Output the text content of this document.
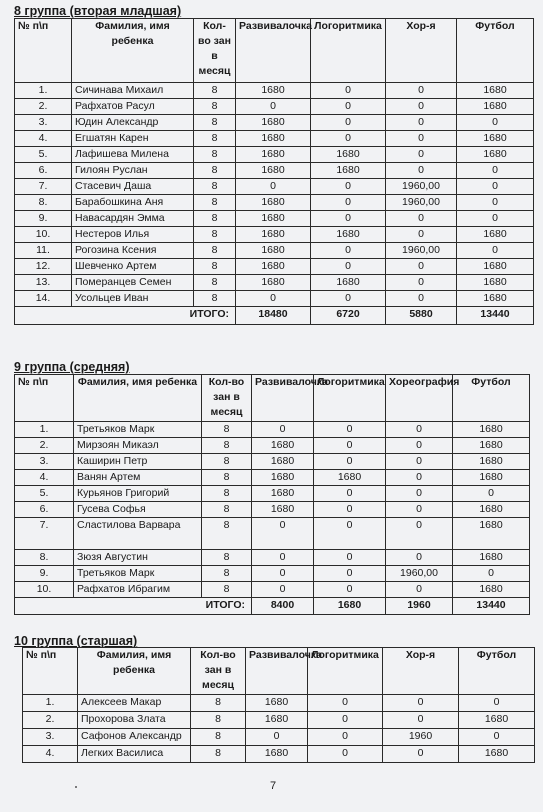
8 группа (вторая младшая)
№ п\п	Фамилия, имя ребенка	Кол-во зан в месяц	Развивалочка	Логоритмика	Хор-я	Футбол
1.	Сичинава Михаил	8	1680	0	0	1680
2.	Рафхатов Расул	8	0	0	0	1680
3.	Юдин Александр	8	1680	0	0	0
4.	Егшатян Карен	8	1680	0	0	1680
5.	Лафишева Милена	8	1680	1680	0	1680
6.	Гилоян Руслан	8	1680	1680	0	0
7.	Стасевич Даша	8	0	0	1960,00	0
8.	Барабошкина Аня	8	1680	0	1960,00	0
9.	Навасардян Эмма	8	1680	0	0	0
10.	Нестеров Илья	8	1680	1680	0	1680
11.	Рогозина Ксения	8	1680	0	1960,00	0
12.	Шевченко Артем	8	1680	0	0	1680
13.	Померанцев Семен	8	1680	1680	0	1680
14.	Усольцев Иван	8	0	0	0	1680
ИТОГО:			18480	6720	5880	13440
9 группа (средняя)
№ п\п	Фамилия, имя ребенка	Кол-во зан в месяц	Развивалочка	Логоритмика	Хореография	Футбол
1.	Третьяков Марк	8	0	0	0	1680
2.	Мирзоян Микаэл	8	1680	0	0	1680
3.	Каширин Петр	8	1680	0	0	1680
4.	Ванян Артем	8	1680	1680	0	1680
5.	Курьянов Григорий	8	1680	0	0	0
6.	Гусева Софья	8	1680	0	0	1680
7.	Сластилова Варвара	8	0	0	0	1680
8.	Зюзя Августин	8	0	0	0	1680
9.	Третьяков Марк	8	0	0	1960,00	0
10.	Рафхатов Ибрагим	8	0	0	0	1680
ИТОГО:			8400	1680	1960	13440
10 группа (старшая)
№ п\п	Фамилия, имя ребенка	Кол-во зан в месяц	Развивалочка	Логоритмика	Хор-я	Футбол
1.	Алексеев Макар	8	1680	0	0	0
2.	Прохорова Злата	8	1680	0	0	1680
3.	Сафонов Александр	8	0	0	1960	0
4.	Легких Василиса	8	1680	0	0	1680
7
